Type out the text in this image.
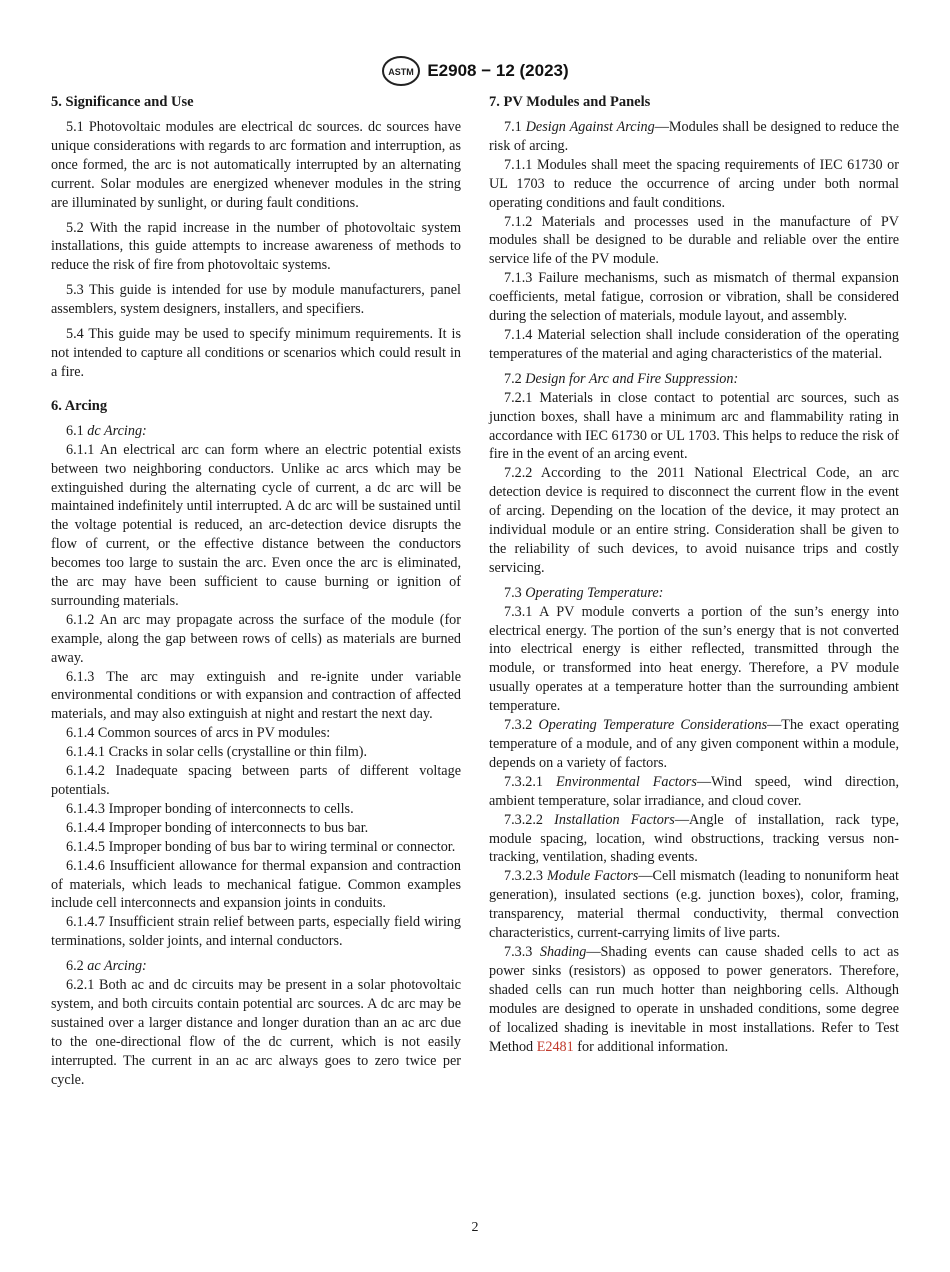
ASTM E2908 − 12 (2023)
5. Significance and Use

5.1 Photovoltaic modules are electrical dc sources. dc sources have unique considerations with regards to arc formation and interruption, as once formed, the arc is not automatically interrupted by an alternating current. Solar modules are energized whenever modules in the string are illuminated by sunlight, or during fault conditions.

5.2 With the rapid increase in the number of photovoltaic system installations, this guide attempts to increase awareness of methods to reduce the risk of fire from photovoltaic systems.

5.3 This guide is intended for use by module manufacturers, panel assemblers, system designers, installers, and specifiers.

5.4 This guide may be used to specify minimum requirements. It is not intended to capture all conditions or scenarios which could result in a fire.

6. Arcing

6.1 dc Arcing:

6.1.1 An electrical arc can form where an electric potential exists between two neighboring conductors. Unlike ac arcs which may be extinguished during the alternating cycle of current, a dc arc will be maintained indefinitely until interrupted. A dc arc will be sustained until the voltage potential is reduced, an arc-detection device disrupts the flow of current, or the effective distance between the conductors becomes too large to sustain the arc. Even once the arc is eliminated, the arc may have been sufficient to cause burning or ignition of surrounding materials.

6.1.2 An arc may propagate across the surface of the module (for example, along the gap between rows of cells) as materials are burned away.

6.1.3 The arc may extinguish and re-ignite under variable environmental conditions or with expansion and contraction of affected materials, and may also extinguish at night and restart the next day.

6.1.4 Common sources of arcs in PV modules:

6.1.4.1 Cracks in solar cells (crystalline or thin film).

6.1.4.2 Inadequate spacing between parts of different voltage potentials.

6.1.4.3 Improper bonding of interconnects to cells.

6.1.4.4 Improper bonding of interconnects to bus bar.

6.1.4.5 Improper bonding of bus bar to wiring terminal or connector.

6.1.4.6 Insufficient allowance for thermal expansion and contraction of materials, which leads to mechanical fatigue. Common examples include cell interconnects and expansion joints in conduits.

6.1.4.7 Insufficient strain relief between parts, especially field wiring terminations, solder joints, and internal conductors.

6.2 ac Arcing:

6.2.1 Both ac and dc circuits may be present in a solar photovoltaic system, and both circuits contain potential arc sources. A dc arc may be sustained over a larger distance and longer duration than an ac arc due to the one-directional flow of the dc current, which is not easily interrupted. The current in an ac arc always goes to zero twice per cycle.

7. PV Modules and Panels

7.1 Design Against Arcing—Modules shall be designed to reduce the risk of arcing.

7.1.1 Modules shall meet the spacing requirements of IEC 61730 or UL 1703 to reduce the occurrence of arcing under both normal operating conditions and fault conditions.

7.1.2 Materials and processes used in the manufacture of PV modules shall be designed to be durable and reliable over the entire service life of the PV module.

7.1.3 Failure mechanisms, such as mismatch of thermal expansion coefficients, metal fatigue, corrosion or vibration, shall be considered during the selection of materials, module layout, and assembly.

7.1.4 Material selection shall include consideration of the operating temperatures of the material and aging characteristics of the material.

7.2 Design for Arc and Fire Suppression:

7.2.1 Materials in close contact to potential arc sources, such as junction boxes, shall have a minimum arc and flammability rating in accordance with IEC 61730 or UL 1703. This helps to reduce the risk of fire in the event of an arcing event.

7.2.2 According to the 2011 National Electrical Code, an arc detection device is required to disconnect the current flow in the event of arcing. Depending on the location of the device, it may protect an individual module or an entire string. Consideration shall be given to the reliability of such devices, to avoid nuisance trips and costly servicing.

7.3 Operating Temperature:

7.3.1 A PV module converts a portion of the sun’s energy into electrical energy. The portion of the sun’s energy that is not converted into electrical energy is either reflected, transmitted through the module, or transformed into heat energy. Therefore, a PV module usually operates at a temperature hotter than the surrounding ambient temperature.

7.3.2 Operating Temperature Considerations—The exact operating temperature of a module, and of any given component within a module, depends on a variety of factors.

7.3.2.1 Environmental Factors—Wind speed, wind direction, ambient temperature, solar irradiance, and cloud cover.

7.3.2.2 Installation Factors—Angle of installation, rack type, module spacing, location, wind obstructions, tracking versus non-tracking, ventilation, shading events.

7.3.2.3 Module Factors—Cell mismatch (leading to nonuniform heat generation), insulated sections (e.g. junction boxes), color, framing, transparency, material thermal conductivity, thermal convection characteristics, current-carrying limits of live parts.

7.3.3 Shading—Shading events can cause shaded cells to act as power sinks (resistors) as opposed to power generators. Therefore, shaded cells can run much hotter than neighboring cells. Although modules are designed to operate in unshaded conditions, some degree of localized shading is inevitable in most installations. Refer to Test Method E2481 for additional information.

2
